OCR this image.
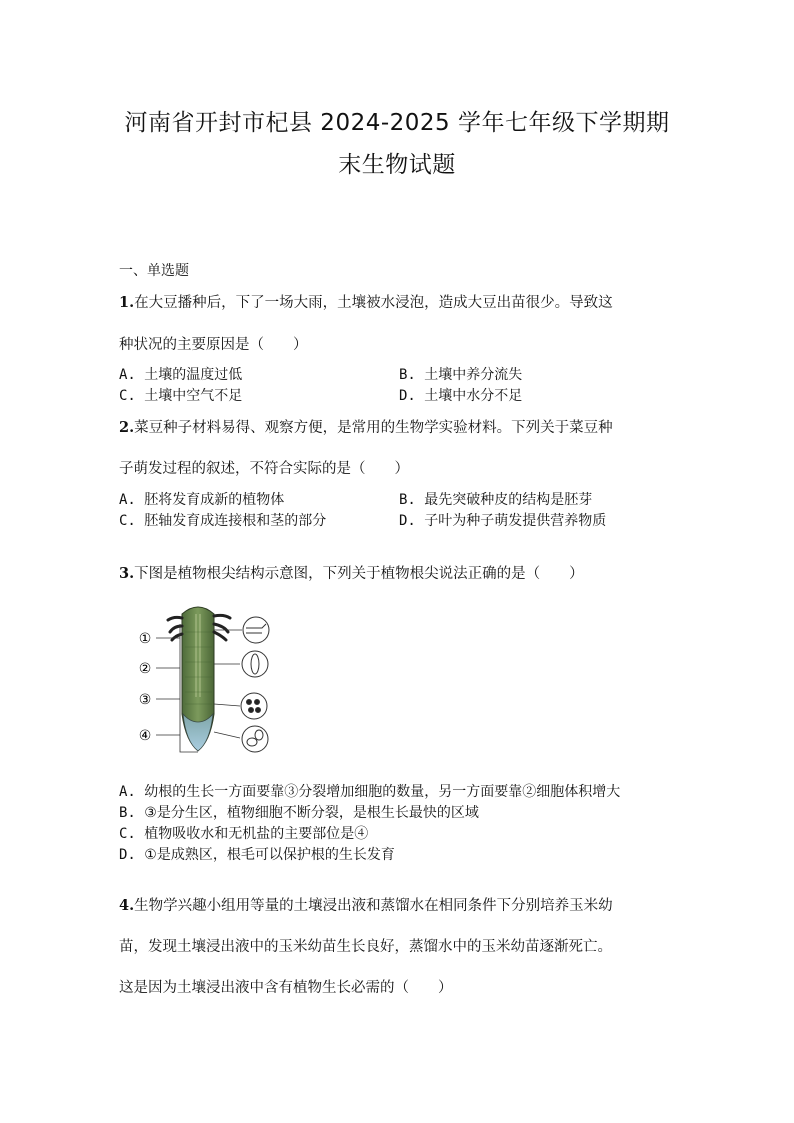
河南省开封市杞县 2024-2025 学年七年级下学期期
末生物试题
一、单选题
1.在大豆播种后，下了一场大雨，土壤被水浸泡，造成大豆出苗很少。导致这
种状况的主要原因是（　　）
A. 土壤的温度过低	B. 土壤中养分流失
C. 土壤中空气不足	D. 土壤中水分不足
2.菜豆种子材料易得、观察方便，是常用的生物学实验材料。下列关于菜豆种
子萌发过程的叙述，不符合实际的是（　　）
A. 胚将发育成新的植物体	B. 最先突破种皮的结构是胚芽
C. 胚轴发育成连接根和茎的部分	D. 子叶为种子萌发提供营养物质
3.下图是植物根尖结构示意图，下列关于植物根尖说法正确的是（　　）
①
②
③
④
A. 幼根的生长一方面要靠③分裂增加细胞的数量，另一方面要靠②细胞体积增大
B. ③是分生区，植物细胞不断分裂，是根生长最快的区域
C. 植物吸收水和无机盐的主要部位是④
D. ①是成熟区，根毛可以保护根的生长发育
4.生物学兴趣小组用等量的土壤浸出液和蒸馏水在相同条件下分别培养玉米幼
苗，发现土壤浸出液中的玉米幼苗生长良好，蒸馏水中的玉米幼苗逐渐死亡。
这是因为土壤浸出液中含有植物生长必需的（　　）
